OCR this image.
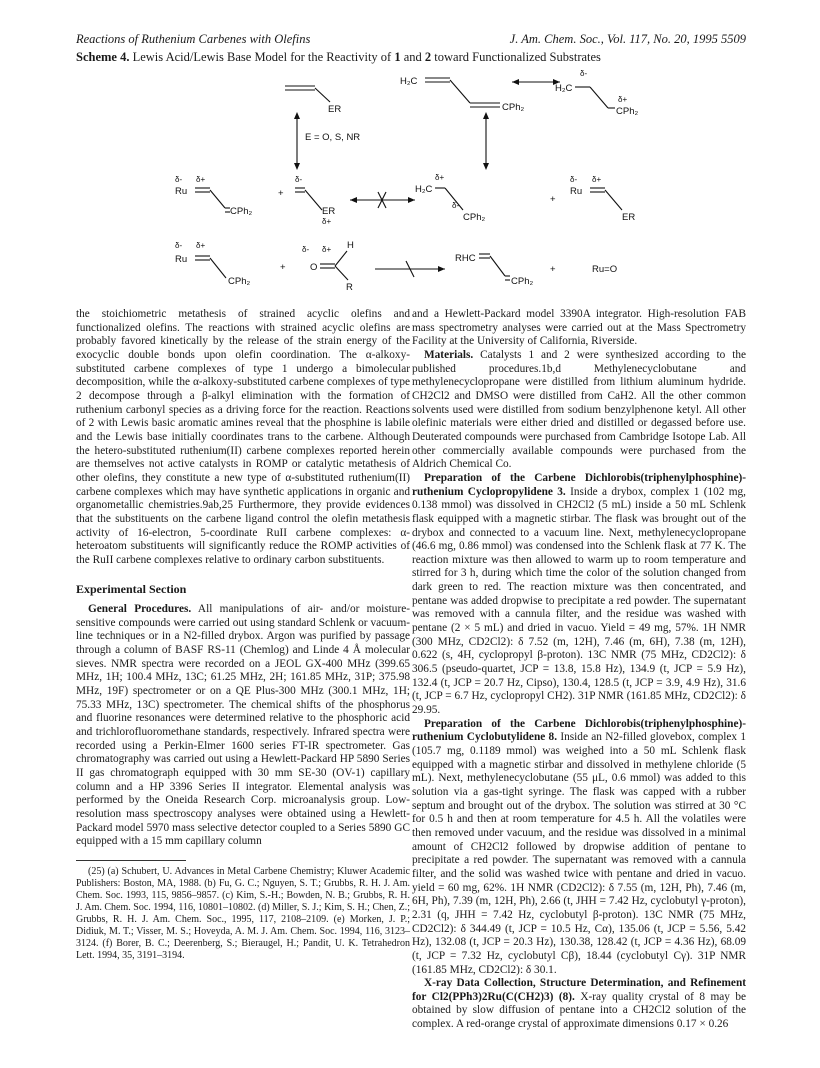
Reactions of Ruthenium Carbenes with Olefins	J. Am. Chem. Soc., Vol. 117, No. 20, 1995 5509
Scheme 4. Lewis Acid/Lewis Base Model for the Reactivity of 1 and 2 toward Functionalized Substrates
ER
E = O, S, NR
H₂C
CPh₂
δ-
H₂C
δ+
CPh₂
δ- δ+
Ru
CPh₂
+
δ-
ER
δ+
δ+
H₂C
δ-
CPh₂
+
δ- δ+
Ru
ER
δ- δ+
Ru
CPh₂
+
δ- δ+
O
H
R
RHC
CPh₂
+	Ru=O

the stoichiometric metathesis of strained acyclic olefins and functionalized olefins. The reactions with strained acyclic olefins are probably favored kinetically by the release of the strain energy of the exocyclic double bonds upon olefin coordination. The α-alkoxy-substituted carbene complexes of type 1 undergo a bimolecular decomposition, while the α-alkoxy-substituted carbene complexes of type 2 decompose through a β-alkyl elimination with the formation of ruthenium carbonyl species as a driving force for the reaction. Reactions of 2 with Lewis basic aromatic amines reveal that the phosphine is labile and the Lewis base initially coordinates trans to the carbene. Although the hetero-substituted ruthenium(II) carbene complexes reported herein are themselves not active catalysts in ROMP or catalytic metathesis of other olefins, they constitute a new type of α-substituted ruthenium(II) carbene complexes which may have synthetic applications in organic and organometallic chemistries.9ab,25 Furthermore, they provide evidences that the substituents on the carbene ligand control the olefin metathesis activity of 16-electron, 5-coordinate RuII carbene complexes: α-heteroatom substituents will significantly reduce the ROMP activities of the RuII carbene complexes relative to ordinary carbon substituents.

Experimental Section

General Procedures. All manipulations of air- and/or moisture-sensitive compounds were carried out using standard Schlenk or vacuum-line techniques or in a N2-filled drybox. Argon was purified by passage through a column of BASF RS-11 (Chemlog) and Linde 4 Å molecular sieves. NMR spectra were recorded on a JEOL GX-400 MHz (399.65 MHz, 1H; 100.4 MHz, 13C; 61.25 MHz, 2H; 161.85 MHz, 31P; 375.98 MHz, 19F) spectrometer or on a QE Plus-300 MHz (300.1 MHz, 1H; 75.33 MHz, 13C) spectrometer. The chemical shifts of the phosphorus and fluorine resonances were determined relative to the phosphoric acid and trichlorofluoromethane standards, respectively. Infrared spectra were recorded using a Perkin-Elmer 1600 series FT-IR spectrometer. Gas chromatography was carried out using a Hewlett-Packard HP 5890 Series II gas chromatograph equipped with 30 mm SE-30 (OV-1) capillary column and a HP 3396 Series II integrator. Elemental analysis was performed by the Oneida Research Corp. microanalysis group. Low-resolution mass spectroscopy analyses were obtained using a Hewlett-Packard model 5970 mass selective detector coupled to a Series 5890 GC equipped with a 15 mm capillary column

(25) (a) Schubert, U. Advances in Metal Carbene Chemistry; Kluwer Academic Publishers: Boston, MA, 1988. (b) Fu, G. C.; Nguyen, S. T.; Grubbs, R. H. J. Am. Chem. Soc. 1993, 115, 9856–9857. (c) Kim, S.-H.; Bowden, N. B.; Grubbs, R. H. J. Am. Chem. Soc. 1994, 116, 10801–10802. (d) Miller, S. J.; Kim, S. H.; Chen, Z.; Grubbs, R. H. J. Am. Chem. Soc., 1995, 117, 2108–2109. (e) Morken, J. P.; Didiuk, M. T.; Visser, M. S.; Hoveyda, A. M. J. Am. Chem. Soc. 1994, 116, 3123–3124. (f) Borer, B. C.; Deerenberg, S.; Bieraugel, H.; Pandit, U. K. Tetrahedron Lett. 1994, 35, 3191–3194.

and a Hewlett-Packard model 3390A integrator. High-resolution FAB mass spectrometry analyses were carried out at the Mass Spectrometry Facility at the University of California, Riverside.

Materials. Catalysts 1 and 2 were synthesized according to the published procedures.1b,d Methylenecyclobutane and methylenecyclopropane were distilled from lithium aluminum hydride. CH2Cl2 and DMSO were distilled from CaH2. All the other common solvents used were distilled from sodium benzylphenone ketyl. All other olefinic materials were either dried and distilled or degassed before use. Deuterated compounds were purchased from Cambridge Isotope Lab. All other commercially available compounds were purchased from the Aldrich Chemical Co.

Preparation of the Carbene Dichlorobis(triphenylphosphine)-ruthenium Cyclopropylidene 3. Inside a drybox, complex 1 (102 mg, 0.138 mmol) was dissolved in CH2Cl2 (5 mL) inside a 50 mL Schlenk flask equipped with a magnetic stirbar. The flask was brought out of the drybox and connected to a vacuum line. Next, methylenecyclopropane (46.6 mg, 0.86 mmol) was condensed into the Schlenk flask at 77 K. The reaction mixture was then allowed to warm up to room temperature and stirred for 3 h, during which time the color of the solution changed from dark green to red. The reaction mixture was then concentrated, and pentane was added dropwise to precipitate a red powder. The supernatant was removed with a cannula filter, and the residue was washed with pentane (2 × 5 mL) and dried in vacuo. Yield = 49 mg, 57%. 1H NMR (300 MHz, CD2Cl2): δ 7.52 (m, 12H), 7.46 (m, 6H), 7.38 (m, 12H), 0.622 (s, 4H, cyclopropyl β-proton). 13C NMR (75 MHz, CD2Cl2): δ 306.5 (pseudo-quartet, JCP = 13.8, 15.8 Hz), 134.9 (t, JCP = 5.9 Hz), 132.4 (t, JCP = 20.7 Hz, Cipso), 130.4, 128.5 (t, JCP = 3.9, 4.9 Hz), 31.6 (t, JCP = 6.7 Hz, cyclopropyl CH2). 31P NMR (161.85 MHz, CD2Cl2): δ 29.95.

Preparation of the Carbene Dichlorobis(triphenylphosphine)-ruthenium Cyclobutylidene 8. Inside an N2-filled glovebox, complex 1 (105.7 mg, 0.1189 mmol) was weighed into a 50 mL Schlenk flask equipped with a magnetic stirbar and dissolved in methylene chloride (5 mL). Next, methylenecyclobutane (55 μL, 0.6 mmol) was added to this solution via a gas-tight syringe. The flask was capped with a rubber septum and brought out of the drybox. The solution was stirred at 30 °C for 0.5 h and then at room temperature for 4.5 h. All the volatiles were then removed under vacuum, and the residue was dissolved in a minimal amount of CH2Cl2 followed by dropwise addition of pentane to precipitate a red powder. The supernatant was removed with a cannula filter, and the solid was washed twice with pentane and dried in vacuo. yield = 60 mg, 62%. 1H NMR (CD2Cl2): δ 7.55 (m, 12H, Ph), 7.46 (m, 6H, Ph), 7.39 (m, 12H, Ph), 2.66 (t, JHH = 7.42 Hz, cyclobutyl γ-proton), 2.31 (q, JHH = 7.42 Hz, cyclobutyl β-proton). 13C NMR (75 MHz, CD2Cl2): δ 344.49 (t, JCP = 10.5 Hz, Cα), 135.06 (t, JCP = 5.56, 5.42 Hz), 132.08 (t, JCP = 20.3 Hz), 130.38, 128.42 (t, JCP = 4.36 Hz), 68.09 (t, JCP = 7.32 Hz, cyclobutyl Cβ), 18.44 (cyclobutyl Cγ). 31P NMR (161.85 MHz, CD2Cl2): δ 30.1.

X-ray Data Collection, Structure Determination, and Refinement for Cl2(PPh3)2Ru(C(CH2)3) (8). X-ray quality crystal of 8 may be obtained by slow diffusion of pentane into a CH2Cl2 solution of the complex. A red-orange crystal of approximate dimensions 0.17 × 0.26
